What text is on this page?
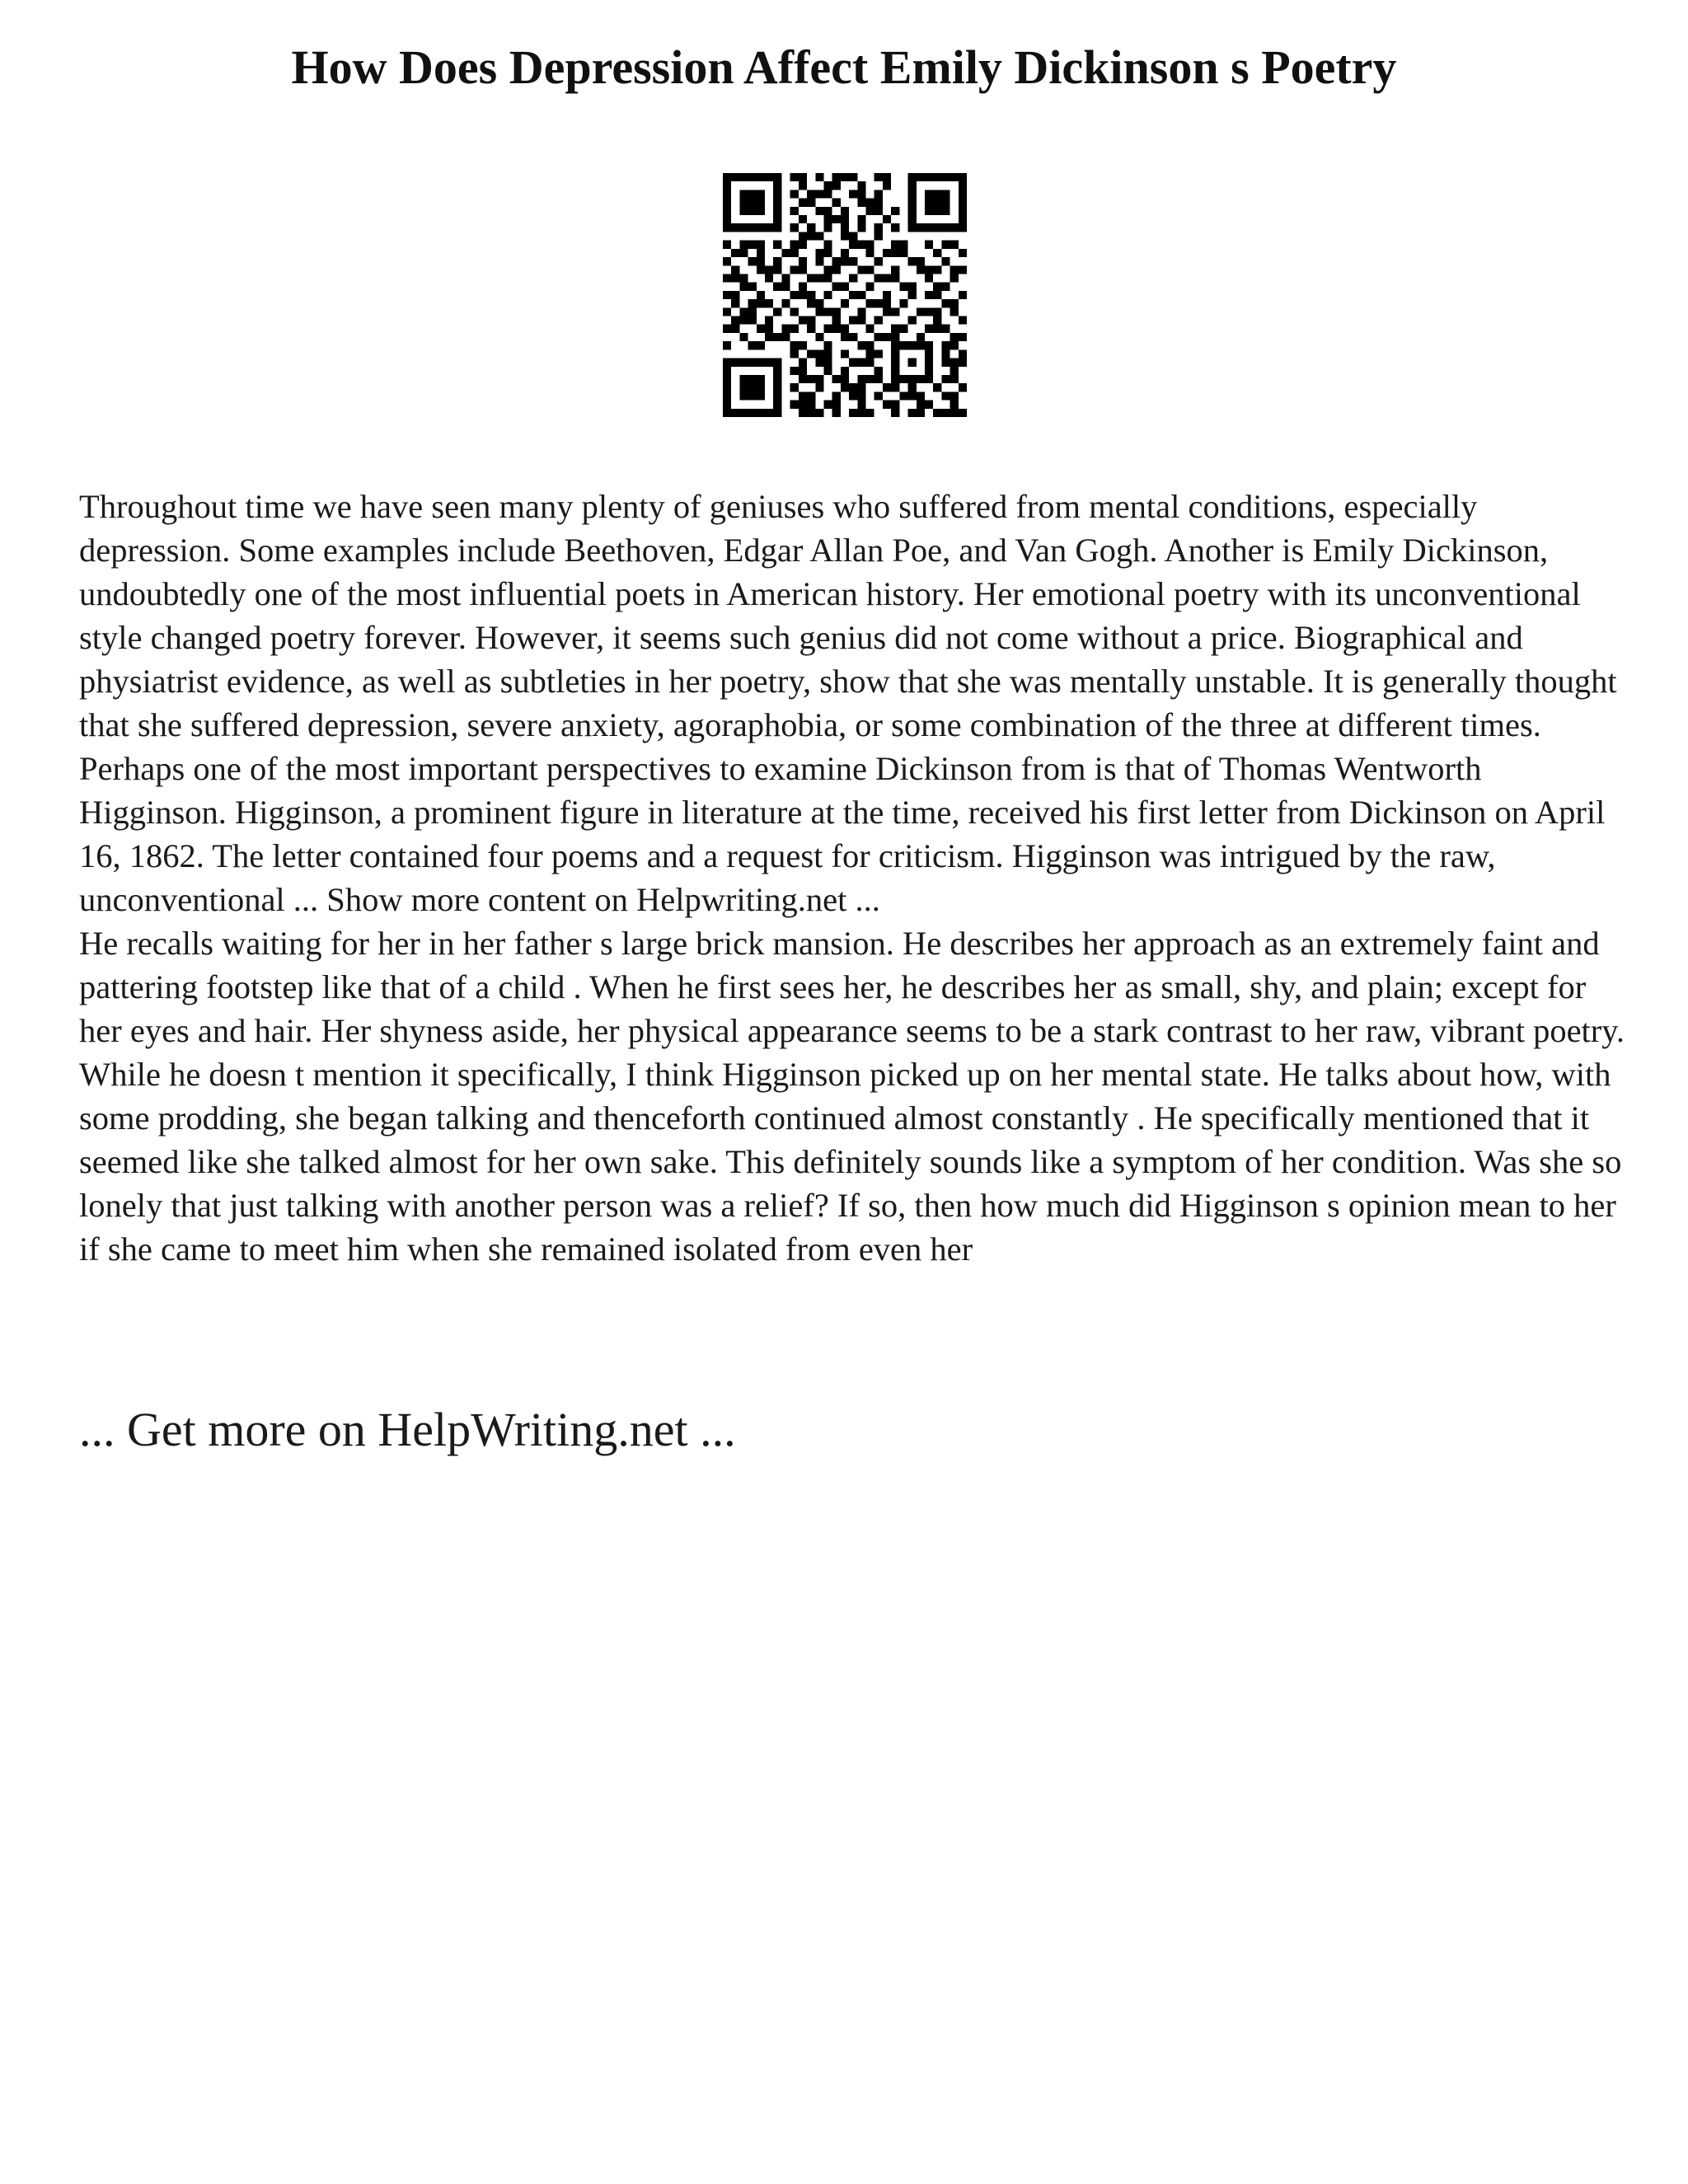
How Does Depression Affect Emily Dickinson s Poetry

Throughout time we have seen many plenty of geniuses who suffered from mental conditions, especially depression. Some examples include Beethoven, Edgar Allan Poe, and Van Gogh. Another is Emily Dickinson, undoubtedly one of the most influential poets in American history. Her emotional poetry with its unconventional style changed poetry forever. However, it seems such genius did not come without a price. Biographical and physiatrist evidence, as well as subtleties in her poetry, show that she was mentally unstable. It is generally thought that she suffered depression, severe anxiety, agoraphobia, or some combination of the three at different times. Perhaps one of the most important perspectives to examine Dickinson from is that of Thomas Wentworth Higginson. Higginson, a prominent figure in literature at the time, received his first letter from Dickinson on April 16, 1862. The letter contained four poems and a request for criticism. Higginson was intrigued by the raw, unconventional ... Show more content on Helpwriting.net ...

He recalls waiting for her in her father s large brick mansion. He describes her approach as an extremely faint and pattering footstep like that of a child . When he first sees her, he describes her as small, shy, and plain; except for her eyes and hair. Her shyness aside, her physical appearance seems to be a stark contrast to her raw, vibrant poetry. While he doesn t mention it specifically, I think Higginson picked up on her mental state. He talks about how, with some prodding, she began talking and thenceforth continued almost constantly . He specifically mentioned that it seemed like she talked almost for her own sake. This definitely sounds like a symptom of her condition. Was she so lonely that just talking with another person was a relief? If so, then how much did Higginson s opinion mean to her if she came to meet him when she remained isolated from even her

... Get more on HelpWriting.net ...
